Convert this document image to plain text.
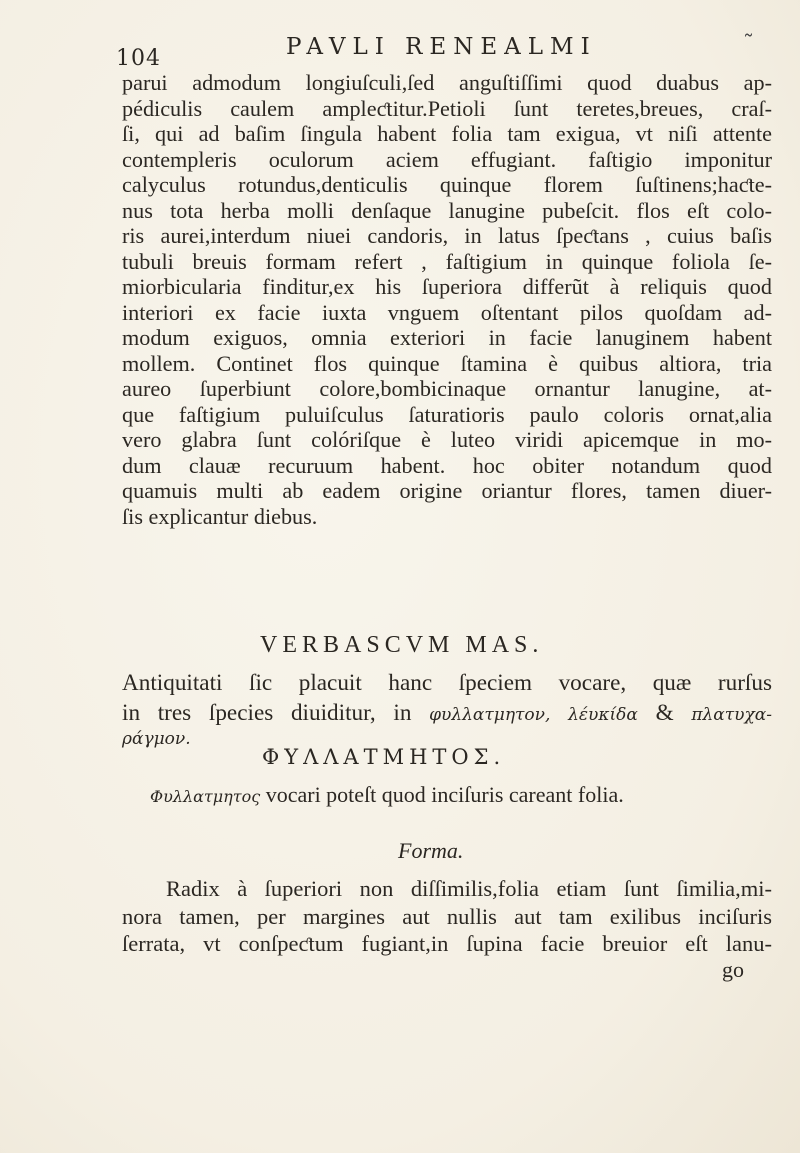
104	PAVLI RENEALMI	˜
parui admodum longiuſculi,ſed anguſtiſſimi quod duabus ap-
pédiculis caulem ampleƈtitur.Petioli ſunt teretes,breues, craſ-
ſi, qui ad baſim ſingula habent folia tam exigua, vt niſi attente
contempleris oculorum aciem effugiant. faſtigio imponitur
calyculus rotundus,denticulis quinque florem ſuſtinens;haƈte-
nus tota herba molli denſaque lanugine pubeſcit. flos eſt colo-
ris aurei,interdum niuei candoris, in latus ſpeƈtans , cuius baſis
tubuli breuis formam refert , faſtigium in quinque foliola ſe-
miorbicularia finditur,ex his ſuperiora differũt à reliquis quod
interiori ex facie iuxta vnguem oſtentant pilos quoſdam ad-
modum exiguos, omnia exteriori in facie lanuginem habent
mollem. Continet flos quinque ſtamina è quibus altiora, tria
aureo ſuperbiunt colore,bombicinaque ornantur lanugine, at-
que faſtigium puluiſculus ſaturatioris paulo coloris ornat,alia
vero glabra ſunt colóriſque è luteo viridi apicemque in mo-
dum clauæ recuruum habent. hoc obiter notandum quod
quamuis multi ab eadem origine oriantur flores, tamen diuer-
ſis explicantur diebus.
VERBASCVM MAS.
Antiquitati ſic placuit hanc ſpeciem vocare, quæ rurſus
in tres ſpecies diuiditur, in φυλλατμητον, λέυκίδα & πλατυχα-
ράγμον.
ΦΥΛΛΑΤΜΗΤΟΣ.
Φυλλατμητος vocari poteſt quod inciſuris careant folia.
Forma.
Radix à ſuperiori non diſſimilis,folia etiam ſunt ſimilia,mi-
nora tamen, per margines aut nullis aut tam exilibus inciſuris
ſerrata, vt conſpeƈtum fugiant,in ſupina facie breuior eſt lanu-
go
